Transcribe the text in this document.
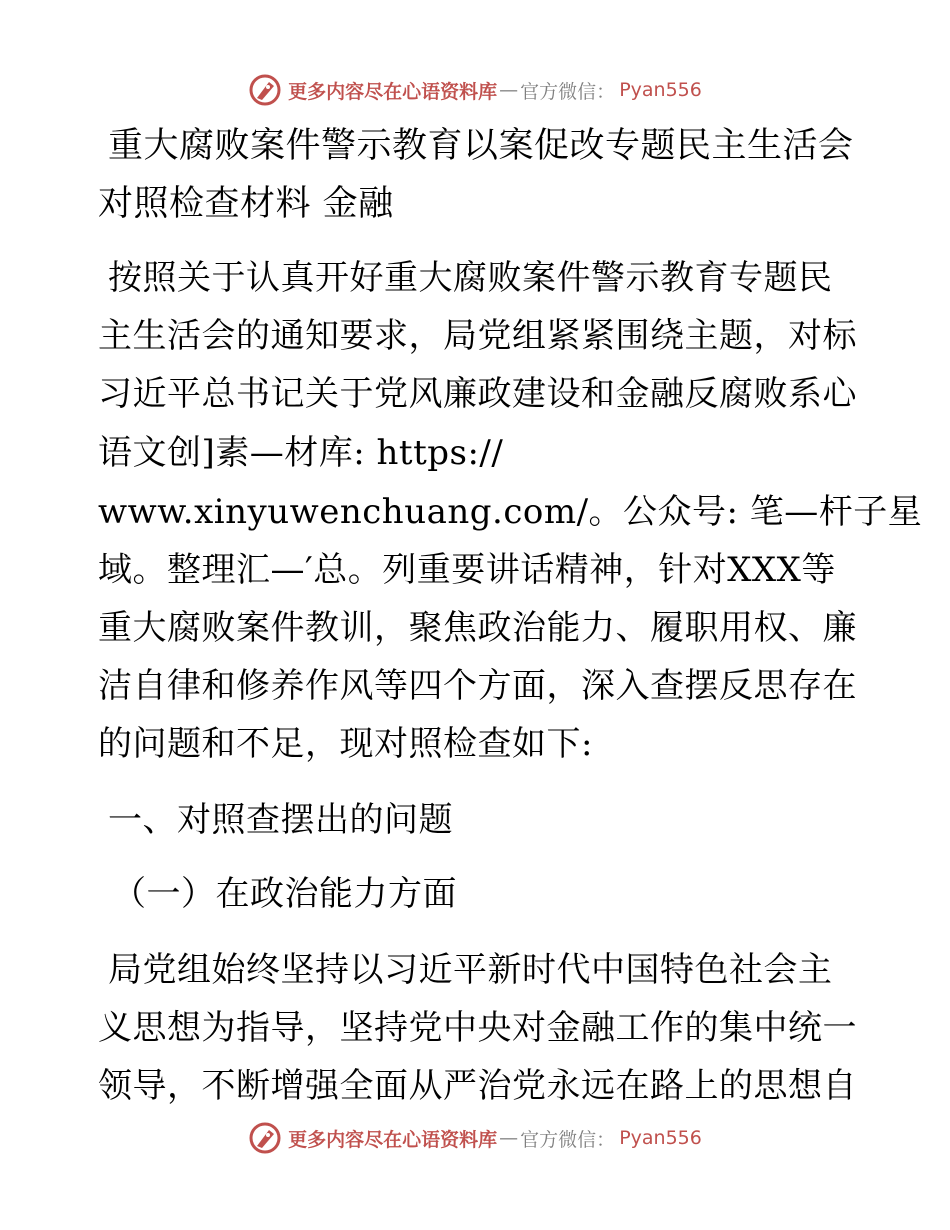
更多内容尽在心语资料库 — 官方微信： Pyan556
重大腐败案件警示教育以案促改专题民主生活会
对照检查材料 金融
按照关于认真开好重大腐败案件警示教育专题民
主生活会的通知要求，局党组紧紧围绕主题，对标
习近平总书记关于党风廉政建设和金融反腐败系心
语文创]素—材库: https://
www.xinyuwenchuang.com/。公众号: 笔—杆子星
域。整理汇—′总。列重要讲话精神，针对XXX等
重大腐败案件教训，聚焦政治能力、履职用权、廉
洁自律和修养作风等四个方面，深入查摆反思存在
的问题和不足，现对照检查如下:
一、对照查摆出的问题
（一）在政治能力方面
局党组始终坚持以习近平新时代中国特色社会主
义思想为指导，坚持党中央对金融工作的集中统一
领导，不断增强全面从严治党永远在路上的思想自
更多内容尽在心语资料库 — 官方微信： Pyan556
